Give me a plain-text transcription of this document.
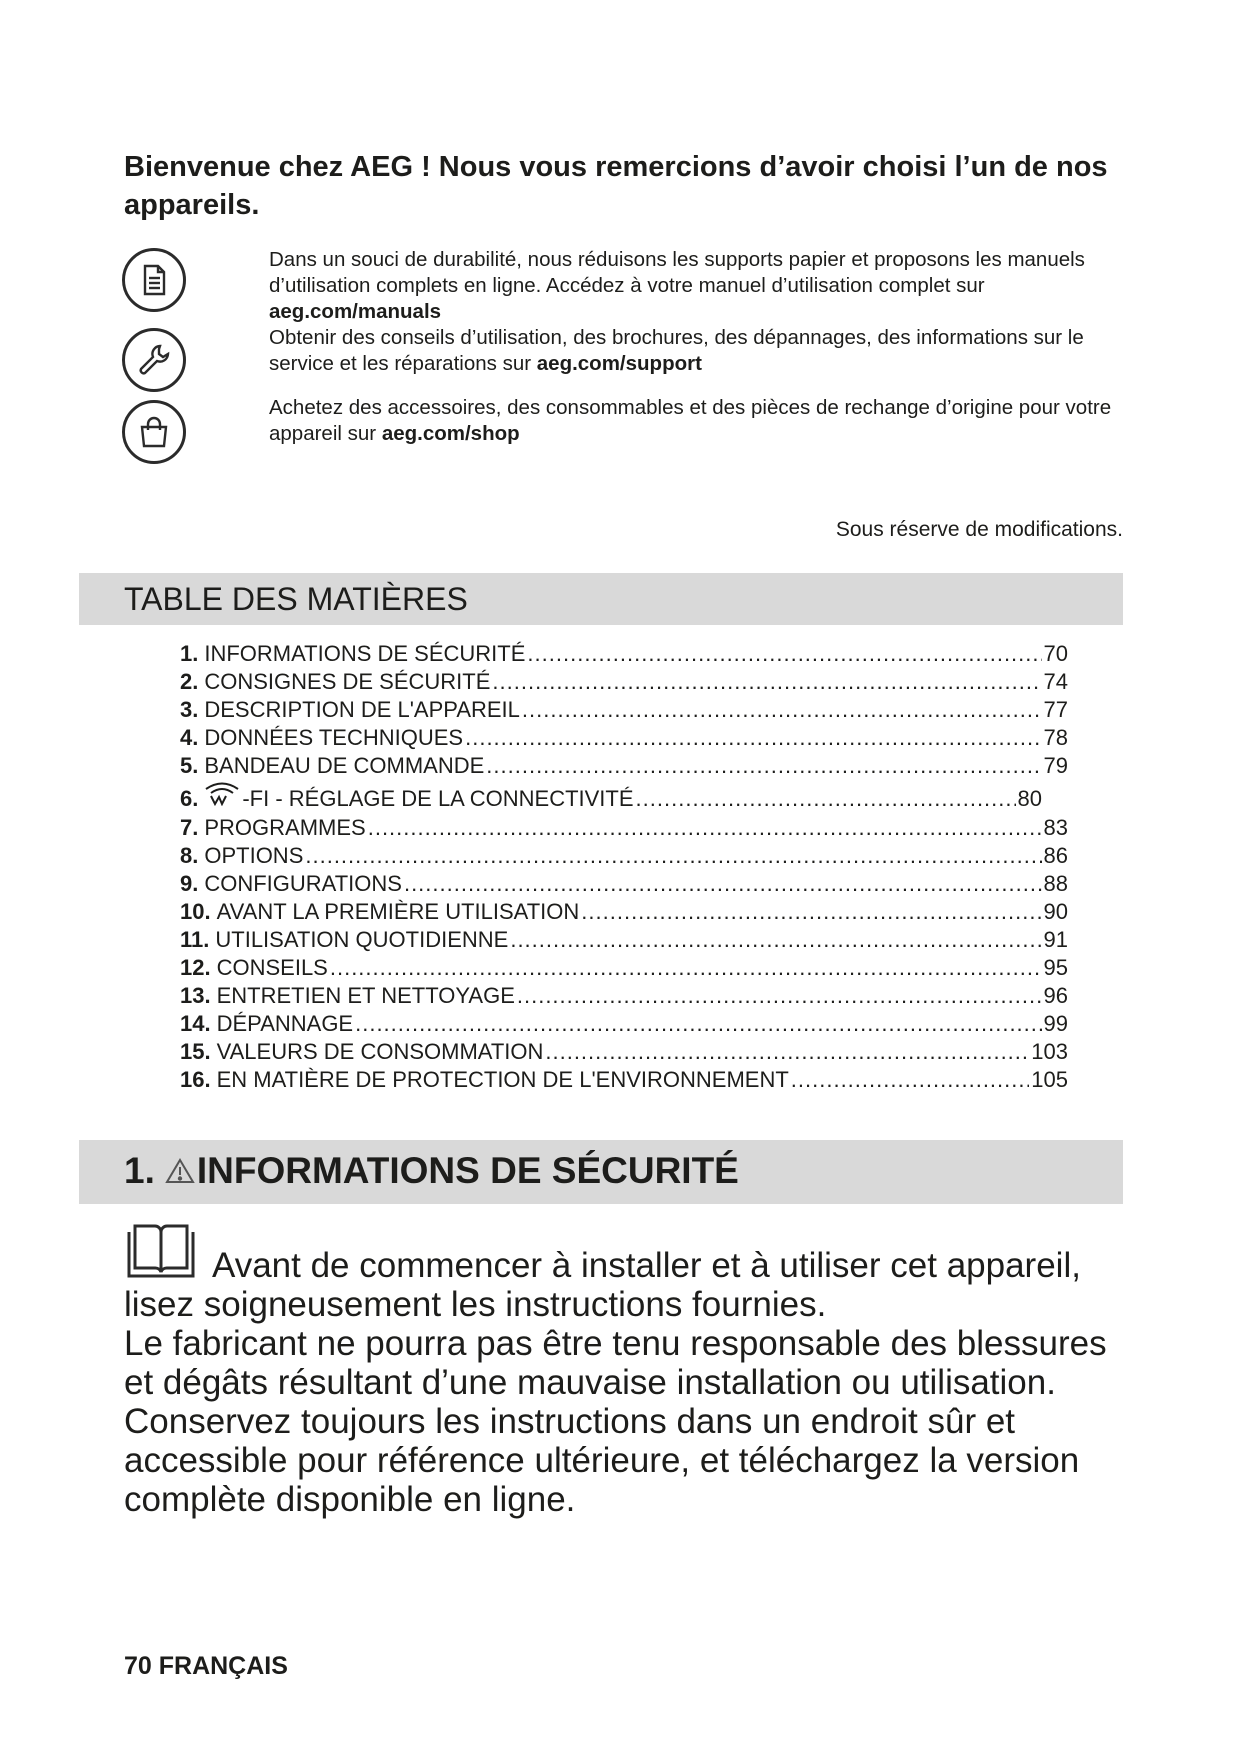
Bienvenue chez AEG ! Nous vous remercions d’avoir choisi l’un de nos appareils.

Dans un souci de durabilité, nous réduisons les supports papier et proposons les manuels d’utilisation complets en ligne. Accédez à votre manuel d’utilisation complet sur aeg.com/manuals

Obtenir des conseils d’utilisation, des brochures, des dépannages, des informations sur le service et les réparations sur aeg.com/support

Achetez des accessoires, des consommables et des pièces de rechange d’origine pour votre appareil sur aeg.com/shop

Sous réserve de modifications.

TABLE DES MATIÈRES
1. INFORMATIONS DE SÉCURITÉ .....	70
2. CONSIGNES DE SÉCURITÉ .....	74
3. DESCRIPTION DE L'APPAREIL .....	77
4. DONNÉES TECHNIQUES .....	78
5. BANDEAU DE COMMANDE .....	79
6. -FI - RÉGLAGE DE LA CONNECTIVITÉ .....	80
7. PROGRAMMES .....	83
8. OPTIONS .....	86
9. CONFIGURATIONS .....	88
10. AVANT LA PREMIÈRE UTILISATION .....	90
11. UTILISATION QUOTIDIENNE .....	91
12. CONSEILS .....	95
13. ENTRETIEN ET NETTOYAGE .....	96
14. DÉPANNAGE .....	99
15. VALEURS DE CONSOMMATION .....	103
16. EN MATIÈRE DE PROTECTION DE L'ENVIRONNEMENT .....	105
1. INFORMATIONS DE SÉCURITÉ

Avant de commencer à installer et à utiliser cet appareil, lisez soigneusement les instructions fournies.
Le fabricant ne pourra pas être tenu responsable des blessures et dégâts résultant d’une mauvaise installation ou utilisation. Conservez toujours les instructions dans un endroit sûr et accessible pour référence ultérieure, et téléchargez la version complète disponible en ligne.

70 FRANÇAIS
